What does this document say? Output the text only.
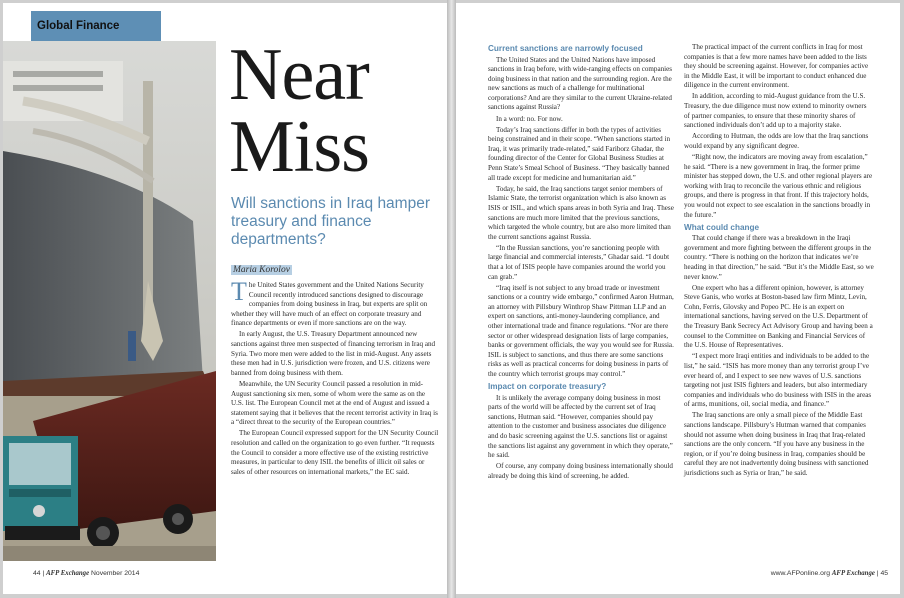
Global Finance
Near
Miss
Will sanctions in Iraq hamper treasury and finance departments?
Maria Korolov

The United States government and the United Nations Security Council recently introduced sanctions designed to discourage companies from doing business in Iraq, but experts are split on whether they will have much of an effect on corporate treasury and finance departments or even if more sanctions are on the way.

In early August, the U.S. Treasury Department announced new sanctions against three men suspected of financing terrorism in Iraq and Syria. Two more men were added to the list in mid-August. Any assets these men had in U.S. jurisdiction were frozen, and U.S. citizens were banned from doing business with them.

Meanwhile, the UN Security Council passed a resolution in mid-August sanctioning six men, some of whom were the same as on the U.S. list. The European Council met at the end of August and issued a statement saying that it believes that the recent terrorist activity in Iraq is a “direct threat to the security of the European countries.”

The European Council expressed support for the UN Security Council resolution and called on the organization to go even further. “It requests the Council to consider a more effective use of the existing restrictive measures, in particular to deny ISIL the benefits of illicit oil sales or sales of other resources on international markets,” the EC said.

44 | AFP Exchange November 2014

Current sanctions are narrowly focused

The United States and the United Nations have imposed sanctions in Iraq before, with wide-ranging effects on companies doing business in that nation and the surrounding region. Are the new sanctions as much of a challenge for multinational corporations? And are they similar to the current Ukraine-related sanctions against Russia?

In a word: no. For now.

Today’s Iraq sanctions differ in both the types of activities being constrained and in their scope. “When sanctions started in Iraq, it was primarily trade-related,” said Fariborz Ghadar, the founding director of the Center for Global Business Studies at Penn State’s Smeal School of Business. “They basically banned all trade except for medicine and humanitarian aid.”

Today, he said, the Iraq sanctions target senior members of Islamic State, the terrorist organization which is also known as ISIS or ISIL, and which spans areas in both Syria and Iraq. These sanctions are much more limited that the previous sanctions, which targeted the whole country, but are also more limited than the current sanctions against Russia.

“In the Russian sanctions, you’re sanctioning people with large financial and commercial interests,” Ghadar said. “I doubt that a lot of ISIS people have companies around the world you can grab.”

“Iraq itself is not subject to any broad trade or investment sanctions or a country wide embargo,” confirmed Aaron Hutman, an attorney with Pillsbury Winthrop Shaw Pittman LLP and an expert on sanctions, anti-money-laundering compliance, and other international trade and finance regulations. “Nor are there sector or other widespread designation lists of large companies, banks or government officials, the way you would see for Russia. ISIL is subject to sanctions, and thus there are some sanctions risks as well as practical concerns for doing business in parts of the country which terrorist groups may control.”

Impact on corporate treasury?

It is unlikely the average company doing business in most parts of the world will be affected by the current set of Iraq sanctions, Hutman said. “However, companies should pay attention to the customer and business associates due diligence and do basic screening against the U.S. sanctions list or against the sanctions list against any government in which they operate,” he said.

Of course, any company doing business internationally should already be doing this kind of screening, he added.

The practical impact of the current conflicts in Iraq for most companies is that a few more names have been added to the lists they should be screening against. However, for companies active in the Middle East, it will be important to conduct enhanced due diligence in the current environment.

In addition, according to mid-August guidance from the U.S. Treasury, the due diligence must now extend to minority owners of partner companies, to ensure that these minority shares of sanctioned individuals don’t add up to a majority stake.

According to Hutman, the odds are low that the Iraq sanctions would expand by any significant degree.

“Right now, the indicators are moving away from escalation,” he said. “There is a new government in Iraq, the former prime minister has stepped down, the U.S. and other regional players are working with Iraq to reconcile the various ethnic and religious groups, and there is progress in that front. If this trajectory holds, you would not expect to see escalation in the sanctions broadly in the future.”

What could change

That could change if there was a breakdown in the Iraqi government and more fighting between the different groups in the country. “There is nothing on the horizon that indicates we’re heading in that direction,” he said. “But it’s the Middle East, so we never know.”

One expert who has a different opinion, however, is attorney Steve Ganis, who works at Boston-based law firm Mintz, Levin, Cohn, Ferris, Glovsky and Popeo PC. He is an expert on international sanctions, having served on the U.S. Department of the Treasury Bank Secrecy Act Advisory Group and having been a counsel to the Committee on Banking and Financial Services of the U.S. House of Representatives.

“I expect more Iraqi entities and individuals to be added to the list,” he said. “ISIS has more money than any terrorist group I’ve ever heard of, and I expect to see new waves of U.S. sanctions targeting not just ISIS fighters and leaders, but also intermediary companies and individuals who do business with ISIS in the areas of arms, munitions, oil, social media, and finance.”

The Iraq sanctions are only a small piece of the Middle East sanctions landscape. Pillsbury’s Hutman warned that companies should not assume when doing business in Iraq that Iraq-related sanctions are the only concern. “If you have any business in the region, or if you’re doing business in Iraq, companies should be careful they are not inadvertently doing business with sanctioned jurisdictions such as Syria or Iran,” he said.

www.AFPonline.org AFP Exchange | 45
